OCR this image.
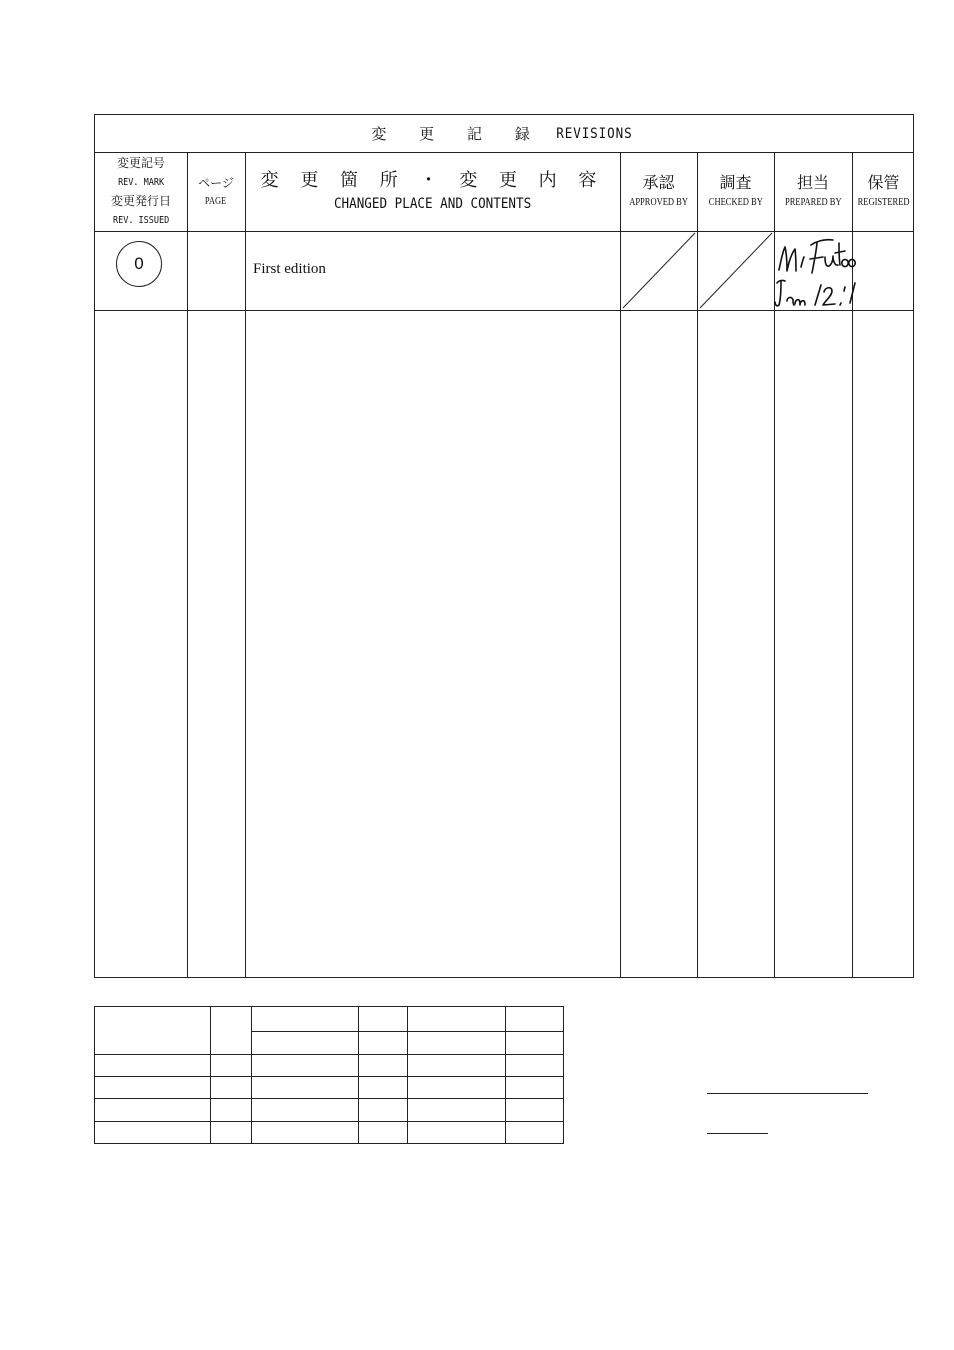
変 更 記 録 REVISIONS
変更記号
REV. MARK
変更発行日
REV. ISSUED
ページ
PAGE
変 更 箇 所 ・ 変 更 内 容
CHANGED PLACE AND CONTENTS
承認
APPROVED BY
調査
CHECKED BY
担当
PREPARED BY
保管
REGISTERED
0	First edition
